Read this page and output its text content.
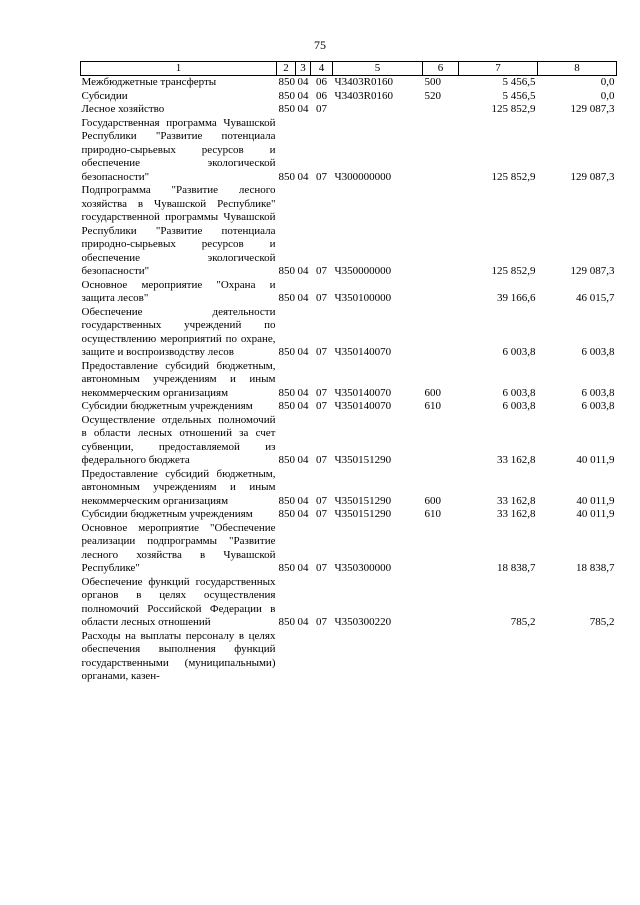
75
1	2	3	4	5	6	7	8
Межбюджетные трансферты	850	04	06	Ч3403R0160	500	5 456,5	0,0
Субсидии	850	04	06	Ч3403R0160	520	5 456,5	0,0
Лесное хозяйство	850	04	07			125 852,9	129 087,3
Государственная программа Чувашской Республики "Развитие потенциала природно-сырьевых ресурсов и обеспечение экологической безопасности"	850	04	07	Ч300000000		125 852,9	129 087,3
Подпрограмма "Развитие лесного хозяйства в Чувашской Республике" государственной программы Чувашской Республики "Развитие потенциала природно-сырьевых ресурсов и обеспечение экологической безопасности"	850	04	07	Ч350000000		125 852,9	129 087,3
Основное мероприятие "Охрана и защита лесов"	850	04	07	Ч350100000		39 166,6	46 015,7
Обеспечение деятельности государственных учреждений по осуществлению мероприятий по охране, защите и воспроизводству лесов	850	04	07	Ч350140070		6 003,8	6 003,8
Предоставление субсидий бюджетным, автономным учреждениям и иным некоммерческим организациям	850	04	07	Ч350140070	600	6 003,8	6 003,8
Субсидии бюджетным учреждениям	850	04	07	Ч350140070	610	6 003,8	6 003,8
Осуществление отдельных полномочий в области лесных отношений за счет субвенции, предоставляемой из федерального бюджета	850	04	07	Ч350151290		33 162,8	40 011,9
Предоставление субсидий бюджетным, автономным учреждениям и иным некоммерческим организациям	850	04	07	Ч350151290	600	33 162,8	40 011,9
Субсидии бюджетным учреждениям	850	04	07	Ч350151290	610	33 162,8	40 011,9
Основное мероприятие "Обеспечение реализации подпрограммы "Развитие лесного хозяйства в Чувашской Республике"	850	04	07	Ч350300000		18 838,7	18 838,7
Обеспечение функций государственных органов в целях осуществления полномочий Российской Федерации в области лесных отношений	850	04	07	Ч350300220		785,2	785,2
Расходы на выплаты персоналу в целях обеспечения выполнения функций государственными (муниципальными) органами, казен-							
